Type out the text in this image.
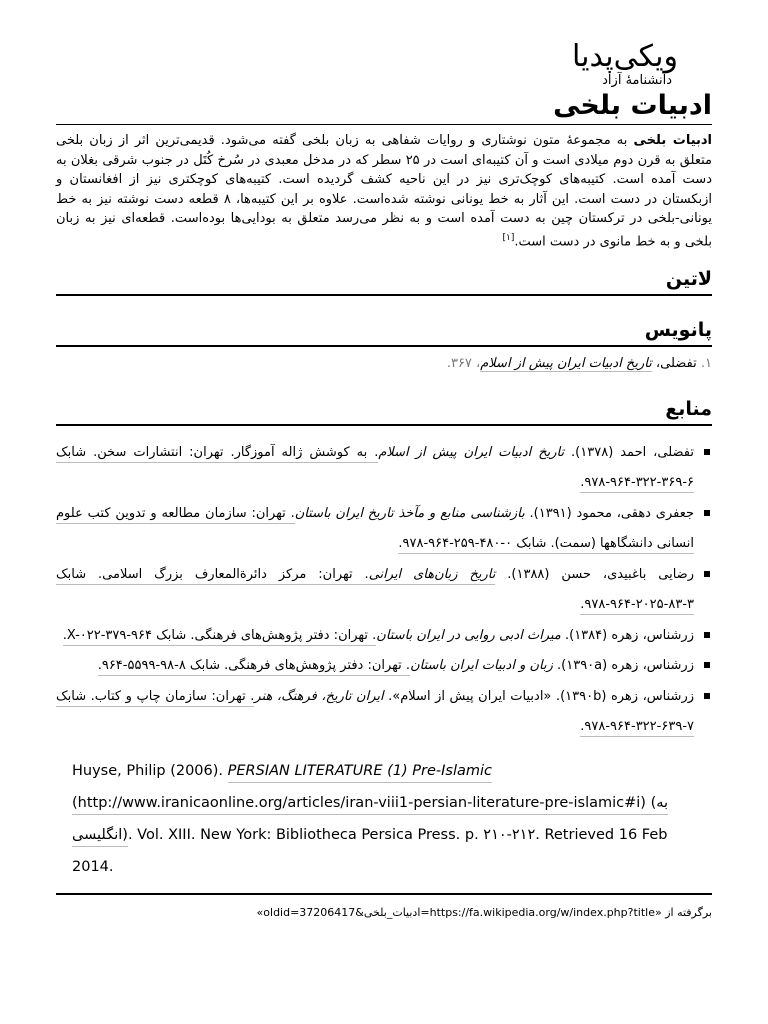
ویکی‌پدیا
دانشنامهٔ آزاد
ادبیات بلخی
ادبیات بلخی به مجموعهٔ متون نوشتاری و روایات شفاهی به زبان بلخی گفته می‌شود. قدیمی‌ترین اثر از زبان بلخی متعلق به قرن دوم میلادی است و آن کتیبه‌ای است در ۲۵ سطر که در مدخل معبدی در سُرخ کُتَل در جنوب شرقی بغلان به دست آمده است. کتیبه‌های کوچک‌تری نیز در این ناحیه کشف گردیده است. کتیبه‌های کوچکتری نیز از افغانستان و ازبکستان در دست است. این آثار به خط یونانی نوشته شده‌است. علاوه بر این کتیبه‌ها، ۸ قطعه دست نوشته نیز به خط یونانی-بلخی در ترکستان چین به دست آمده است و به نظر می‌رسد متعلق به بودایی‌ها بوده‌است. قطعه‌ای نیز به زبان بلخی و به خط مانوی در دست است.[۱]
لاتین
پانویس
۱. تفضلی، تاریخ ادبیات ایران پیش از اسلام، ۳۶۷.
منابع
تفضلی، احمد (۱۳۷۸). تاریخ ادبیات ایران پیش از اسلام. به کوشش ژاله آموزگار. تهران: انتشارات سخن. شابک ۶-۳۶۹-۳۲۲-۹۶۴-۹۷۸.
جعفری دهقی، محمود (۱۳۹۱). بازشناسی منابع و مآخذ تاریخ ایران باستان. تهران: سازمان مطالعه و تدوین کتب علوم انسانی دانشگاهها (سمت). شابک ۰-۴۸۰-۲۵۹-۹۶۴-۹۷۸.
رضایی باغبیدی، حسن (۱۳۸۸). تاریخ زبان‌های ایرانی. تهران: مرکز دائرةالمعارف بزرگ اسلامی. شابک ۳-۸۳-۲۰۲۵-۹۶۴-۹۷۸.
زرشناس، زهره (۱۳۸۴). میراث ادبی روایی در ایران باستان. تهران: دفتر پژوهش‌های فرهنگی. شابک X-۰۲۲-۳۷۹-۹۶۴.
زرشناس، زهره (۱۳۹۰a). زبان و ادبیات ایران باستان. تهران: دفتر پژوهش‌های فرهنگی. شابک ۸-۹۸-۵۵۹۹-۹۶۴.
زرشناس، زهره (۱۳۹۰b). «ادبیات ایران پیش از اسلام». ایران تاریخ، فرهنگ، هنر. تهران: سازمان چاپ و کتاب. شابک ۷-۶۳۹-۳۲۲-۹۶۴-۹۷۸.
Huyse, Philip (2006). PERSIAN LITERATURE (1) Pre-Islamic (http://www.iranicaonline.org/articles/iran-viii1-persian-literature-pre-islamic#i) (به انگلیسی). Vol. XIII. New York: Bibliotheca Persica Press. p. ۲۱۰-۲۱۲. Retrieved 16 Feb 2014.
برگرفته از «https://fa.wikipedia.org/w/index.php?title=ادبیات_بلخی&oldid=37206417»
